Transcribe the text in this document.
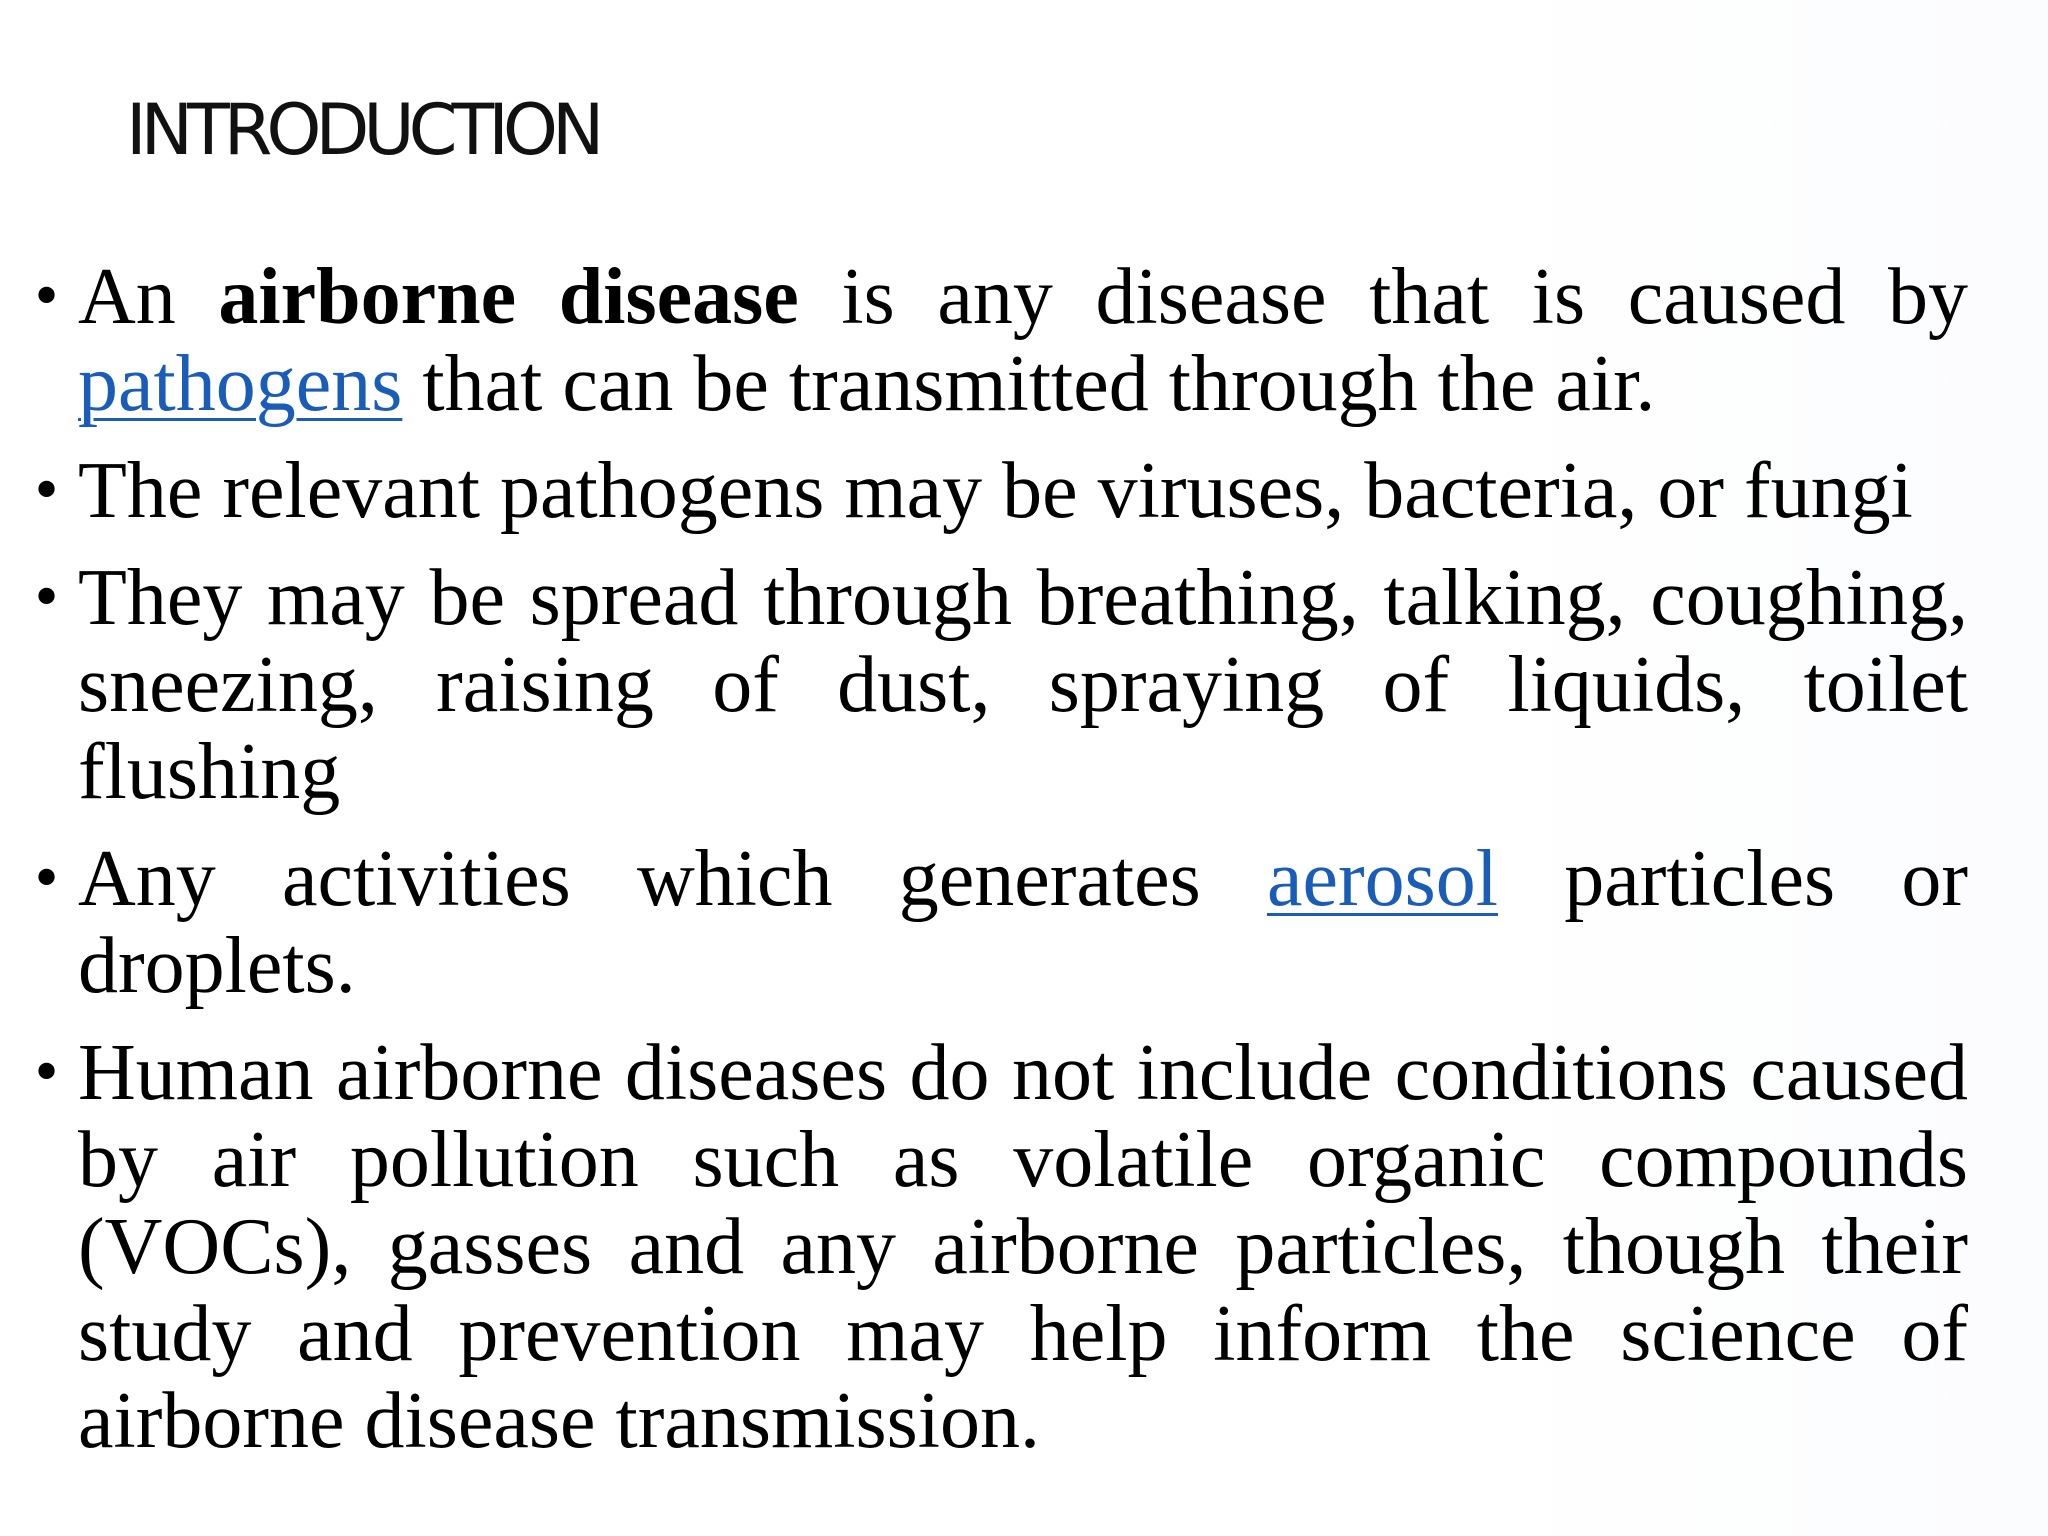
INTRODUCTION
• An airborne disease is any disease that is caused by pathogens that can be transmitted through the air.
• The relevant pathogens may be viruses, bacteria, or fungi
• They may be spread through breathing, talking, coughing, sneezing, raising of dust, spraying of liquids, toilet flushing
• Any activities which generates aerosol particles or droplets.
• Human airborne diseases do not include conditions caused by air pollution such as volatile organic compounds (VOCs), gasses and any airborne particles, though their study and prevention may help inform the science of airborne disease transmission.
